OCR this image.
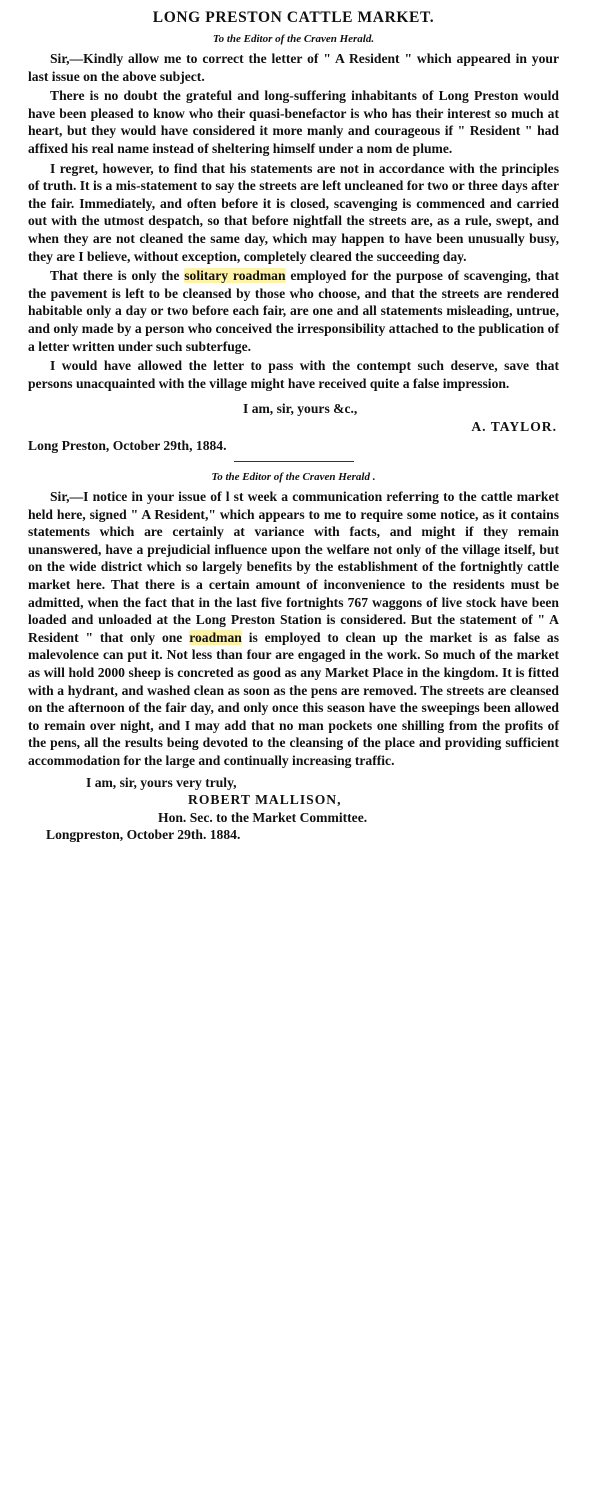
LONG PRESTON CATTLE MARKET.
To the Editor of the Craven Herald.

Sir,—Kindly allow me to correct the letter of " A Resident " which appeared in your last issue on the above subject.

There is no doubt the grateful and long-suffering inhabitants of Long Preston would have been pleased to know who their quasi-benefactor is who has their interest so much at heart, but they would have considered it more manly and courageous if " Resident " had affixed his real name instead of sheltering himself under a nom de plume.

I regret, however, to find that his statements are not in accordance with the principles of truth. It is a mis-statement to say the streets are left uncleaned for two or three days after the fair. Immediately, and often before it is closed, scavenging is commenced and carried out with the utmost despatch, so that before nightfall the streets are, as a rule, swept, and when they are not cleaned the same day, which may happen to have been unusually busy, they are I believe, without exception, completely cleared the succeeding day.

That there is only the solitary roadman employed for the purpose of scavenging, that the pavement is left to be cleansed by those who choose, and that the streets are rendered habitable only a day or two before each fair, are one and all statements misleading, untrue, and only made by a person who conceived the irresponsibility attached to the publication of a letter written under such subterfuge.

I would have allowed the letter to pass with the contempt such deserve, save that persons unacquainted with the village might have received quite a false impression.

I am, sir, yours &c.,
A. TAYLOR.
Long Preston, October 29th, 1884.
To the Editor of the Craven Herald .

Sir,—I notice in your issue of l st week a communication referring to the cattle market held here, signed " A Resident," which appears to me to require some notice, as it contains statements which are certainly at variance with facts, and might if they remain unanswered, have a prejudicial influence upon the welfare not only of the village itself, but on the wide district which so largely benefits by the establishment of the fortnightly cattle market here. That there is a certain amount of inconvenience to the residents must be admitted, when the fact that in the last five fortnights 767 waggons of live stock have been loaded and unloaded at the Long Preston Station is considered. But the statement of " A Resident " that only one roadman is employed to clean up the market is as false as malevolence can put it. Not less than four are engaged in the work. So much of the market as will hold 2000 sheep is concreted as good as any Market Place in the kingdom. It is fitted with a hydrant, and washed clean as soon as the pens are removed. The streets are cleansed on the afternoon of the fair day, and only once this season have the sweepings been allowed to remain over night, and I may add that no man pockets one shilling from the profits of the pens, all the results being devoted to the cleansing of the place and providing sufficient accommodation for the large and continually increasing traffic.

I am, sir, yours very truly,
ROBERT MALLISON,
Hon. Sec. to the Market Committee.
Longpreston, October 29th. 1884.
